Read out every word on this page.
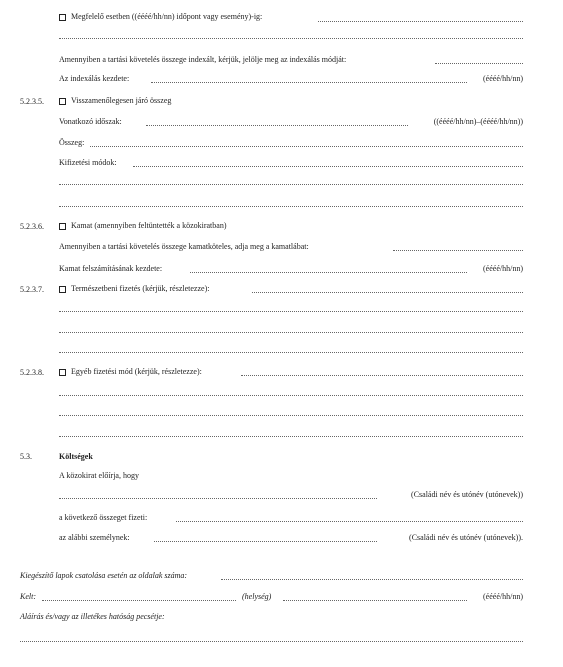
Megfelelő esetben ((éééé/hh/nn) időpont vagy esemény)-ig:
Amennyiben a tartási követelés összege indexált, kérjük, jelölje meg az indexálás módját:
Az indexálás kezdete:	(éééé/hh/nn)
5.2.3.5.	Visszamenőlegesen járó összeg
Vonatkozó időszak:	((éééé/hh/nn)–(éééé/hh/nn))
Összeg:
Kifizetési módok:
5.2.3.6.	Kamat (amennyiben feltüntették a közokiratban)
Amennyiben a tartási követelés összege kamatköteles, adja meg a kamatlábat:
Kamat felszámításának kezdete:	(éééé/hh/nn)
5.2.3.7.	Természetbeni fizetés (kérjük, részletezze):
5.2.3.8.	Egyéb fizetési mód (kérjük, részletezze):
5.3.	Költségek
A közokirat előírja, hogy
(Családi név és utónév (utónevek))
a következő összeget fizeti:
az alábbi személynek:	(Családi név és utónév (utónevek)).
Kiegészítő lapok csatolása esetén az oldalak száma:
Kelt:	(helység)	(éééé/hh/nn)
Aláírás és/vagy az illetékes hatóság pecsétje:
